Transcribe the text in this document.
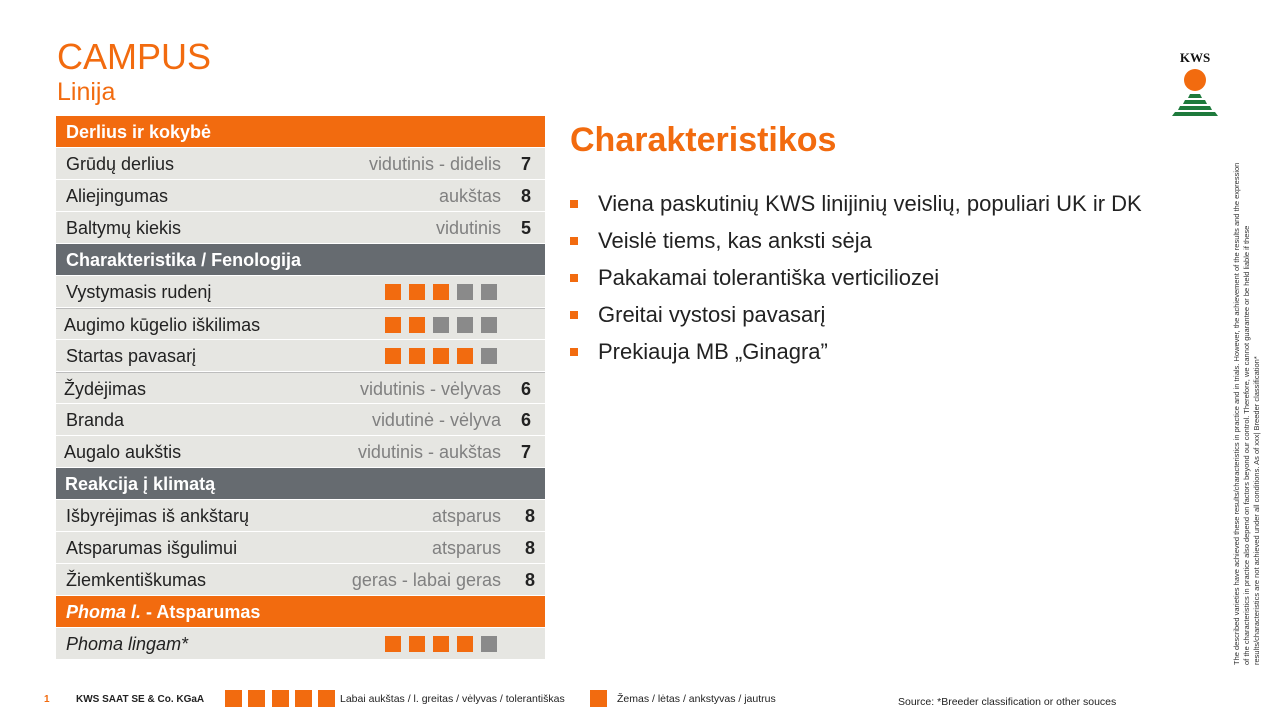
CAMPUS
Linija
KWS
Derlius ir kokybė
Grūdų derlius	vidutinis - didelis 7
Aliejingumas	aukštas 8
Baltymų kiekis	vidutinis 5
Charakteristika / Fenologija
Vystymasis rudenį
Augimo kūgelio iškilimas
Startas pavasarį
Žydėjimas	vidutinis - vėlyvas 6
Branda	vidutinė - vėlyva 6
Augalo aukštis	vidutinis - aukštas 7
Reakcija į klimatą
Išbyrėjimas iš ankštarų	atsparus 8
Atsparumas išgulimui	atsparus 8
Žiemkentiškumas	geras - labai geras 8
Phoma l. - Atsparumas
Phoma lingam*
Charakteristikos
Viena paskutinių KWS linijinių veislių, populiari UK ir DK
Veislė tiems, kas anksti sėja
Pakakamai tolerantiška verticiliozei
Greitai vystosi pavasarį
Prekiauja MB „Ginagra”	The described varieties have achieved these results/characteristics in practice and in trials. However, the achievement of the results and the expression of the characteristics in practice also depend on factors beyond our control. Therefore, we cannot guarantee or be held liable if these results/characteristics are not achieved under all conditions. As of xxx| Breeder classification*
1	KWS SAAT SE & Co. KGaA	Labai aukštas / l. greitas / vėlyvas / tolerantiškas	Žemas / lėtas / ankstyvas / jautrus	Source: *Breeder classification or other souces
